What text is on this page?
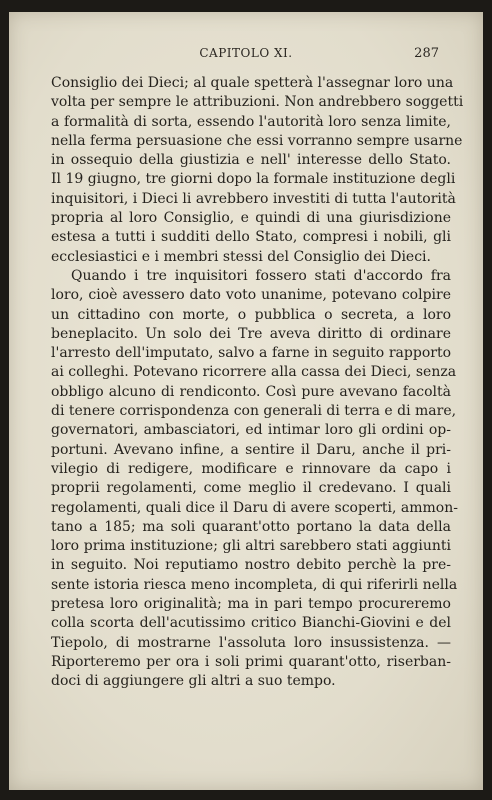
CAPITOLO XI.	287

Consiglio dei Dieci; al quale spetterà l'assegnar loro una
volta per sempre le attribuzioni. Non andrebbero soggetti
a formalità di sorta, essendo l'autorità loro senza limite,
nella ferma persuasione che essi vorranno sempre usarne
in ossequio della giustizia e nell' interesse dello Stato.
Il 19 giugno, tre giorni dopo la formale instituzione degli
inquisitori, i Dieci li avrebbero investiti di tutta l'autorità
propria al loro Consiglio, e quindi di una giurisdizione
estesa a tutti i sudditi dello Stato, compresi i nobili, gli
ecclesiastici e i membri stessi del Consiglio dei Dieci.

Quando i tre inquisitori fossero stati d'accordo fra
loro, cioè avessero dato voto unanime, potevano colpire
un cittadino con morte, o pubblica o secreta, a loro
beneplacito. Un solo dei Tre aveva diritto di ordinare
l'arresto dell'imputato, salvo a farne in seguito rapporto
ai colleghi. Potevano ricorrere alla cassa dei Dieci, senza
obbligo alcuno di rendiconto. Così pure avevano facoltà
di tenere corrispondenza con generali di terra e di mare,
governatori, ambasciatori, ed intimar loro gli ordini op-
portuni. Avevano infine, a sentire il Daru, anche il pri-
vilegio di redigere, modificare e rinnovare da capo i
proprii regolamenti, come meglio il credevano. I quali
regolamenti, quali dice il Daru di avere scoperti, ammon-
tano a 185; ma soli quarant'otto portano la data della
loro prima instituzione; gli altri sarebbero stati aggiunti
in seguito. Noi reputiamo nostro debito perchè la pre-
sente istoria riesca meno incompleta, di qui riferirli nella
pretesa loro originalità; ma in pari tempo procureremo
colla scorta dell'acutissimo critico Bianchi-Giovini e del
Tiepolo, di mostrarne l'assoluta loro insussistenza. —
Riporteremo per ora i soli primi quarant'otto, riserban-
doci di aggiungere gli altri a suo tempo.
